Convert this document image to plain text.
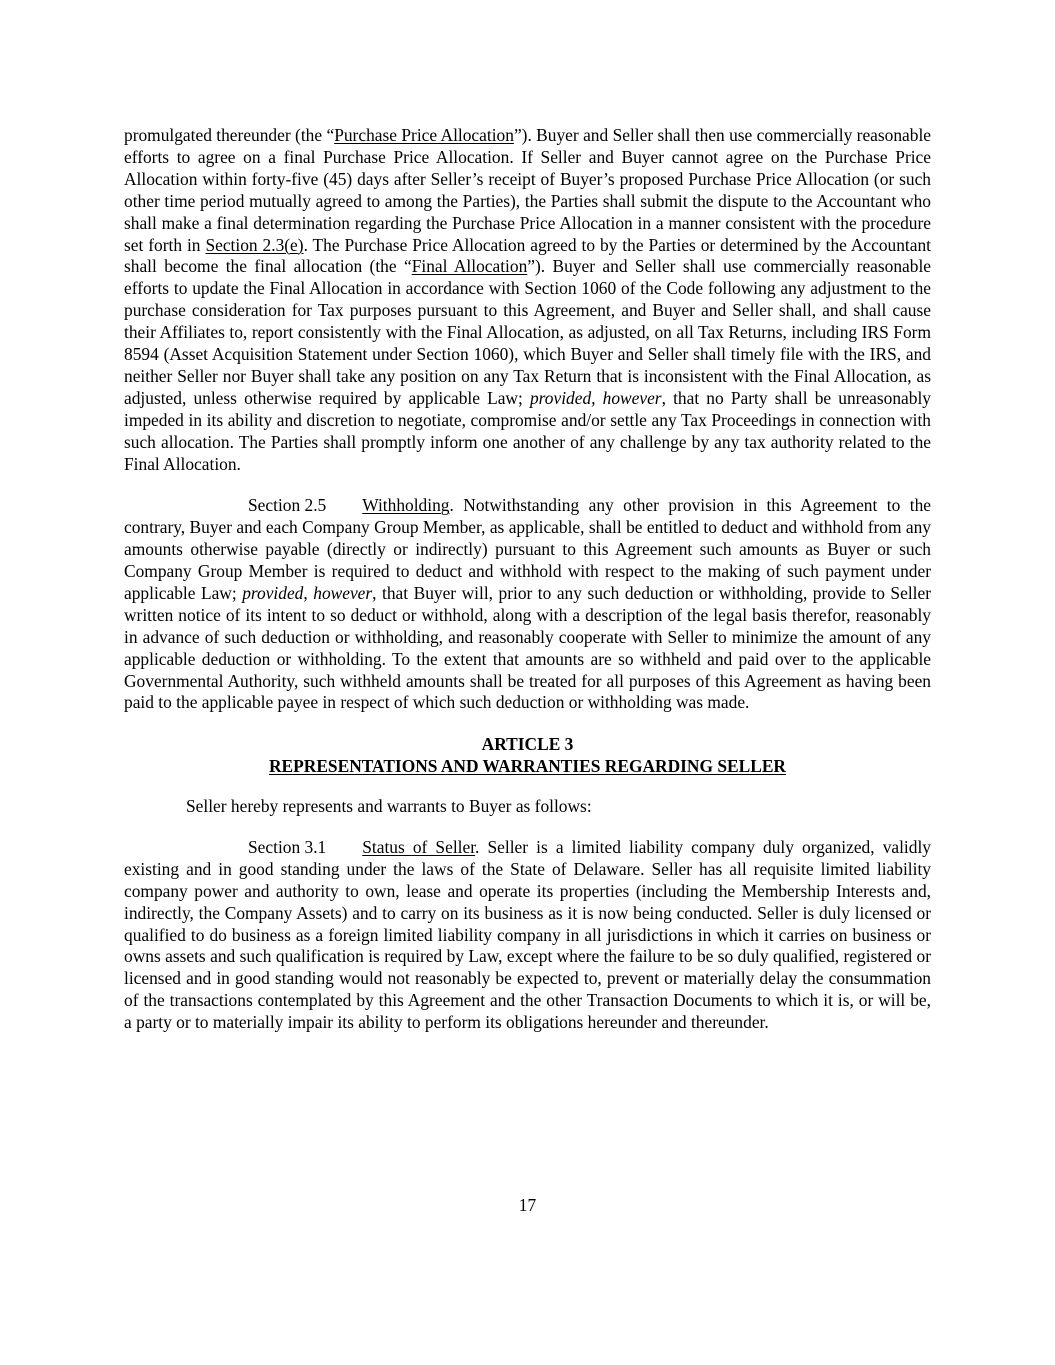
promulgated thereunder (the “Purchase Price Allocation”). Buyer and Seller shall then use commercially reasonable efforts to agree on a final Purchase Price Allocation. If Seller and Buyer cannot agree on the Purchase Price Allocation within forty-five (45) days after Seller’s receipt of Buyer’s proposed Purchase Price Allocation (or such other time period mutually agreed to among the Parties), the Parties shall submit the dispute to the Accountant who shall make a final determination regarding the Purchase Price Allocation in a manner consistent with the procedure set forth in Section 2.3(e). The Purchase Price Allocation agreed to by the Parties or determined by the Accountant shall become the final allocation (the “Final Allocation”). Buyer and Seller shall use commercially reasonable efforts to update the Final Allocation in accordance with Section 1060 of the Code following any adjustment to the purchase consideration for Tax purposes pursuant to this Agreement, and Buyer and Seller shall, and shall cause their Affiliates to, report consistently with the Final Allocation, as adjusted, on all Tax Returns, including IRS Form 8594 (Asset Acquisition Statement under Section 1060), which Buyer and Seller shall timely file with the IRS, and neither Seller nor Buyer shall take any position on any Tax Return that is inconsistent with the Final Allocation, as adjusted, unless otherwise required by applicable Law; provided, however, that no Party shall be unreasonably impeded in its ability and discretion to negotiate, compromise and/or settle any Tax Proceedings in connection with such allocation. The Parties shall promptly inform one another of any challenge by any tax authority related to the Final Allocation.

Section 2.5 Withholding. Notwithstanding any other provision in this Agreement to the contrary, Buyer and each Company Group Member, as applicable, shall be entitled to deduct and withhold from any amounts otherwise payable (directly or indirectly) pursuant to this Agreement such amounts as Buyer or such Company Group Member is required to deduct and withhold with respect to the making of such payment under applicable Law; provided, however, that Buyer will, prior to any such deduction or withholding, provide to Seller written notice of its intent to so deduct or withhold, along with a description of the legal basis therefor, reasonably in advance of such deduction or withholding, and reasonably cooperate with Seller to minimize the amount of any applicable deduction or withholding. To the extent that amounts are so withheld and paid over to the applicable Governmental Authority, such withheld amounts shall be treated for all purposes of this Agreement as having been paid to the applicable payee in respect of which such deduction or withholding was made.

ARTICLE 3
REPRESENTATIONS AND WARRANTIES REGARDING SELLER

Seller hereby represents and warrants to Buyer as follows:

Section 3.1 Status of Seller. Seller is a limited liability company duly organized, validly existing and in good standing under the laws of the State of Delaware. Seller has all requisite limited liability company power and authority to own, lease and operate its properties (including the Membership Interests and, indirectly, the Company Assets) and to carry on its business as it is now being conducted. Seller is duly licensed or qualified to do business as a foreign limited liability company in all jurisdictions in which it carries on business or owns assets and such qualification is required by Law, except where the failure to be so duly qualified, registered or licensed and in good standing would not reasonably be expected to, prevent or materially delay the consummation of the transactions contemplated by this Agreement and the other Transaction Documents to which it is, or will be, a party or to materially impair its ability to perform its obligations hereunder and thereunder.

17
